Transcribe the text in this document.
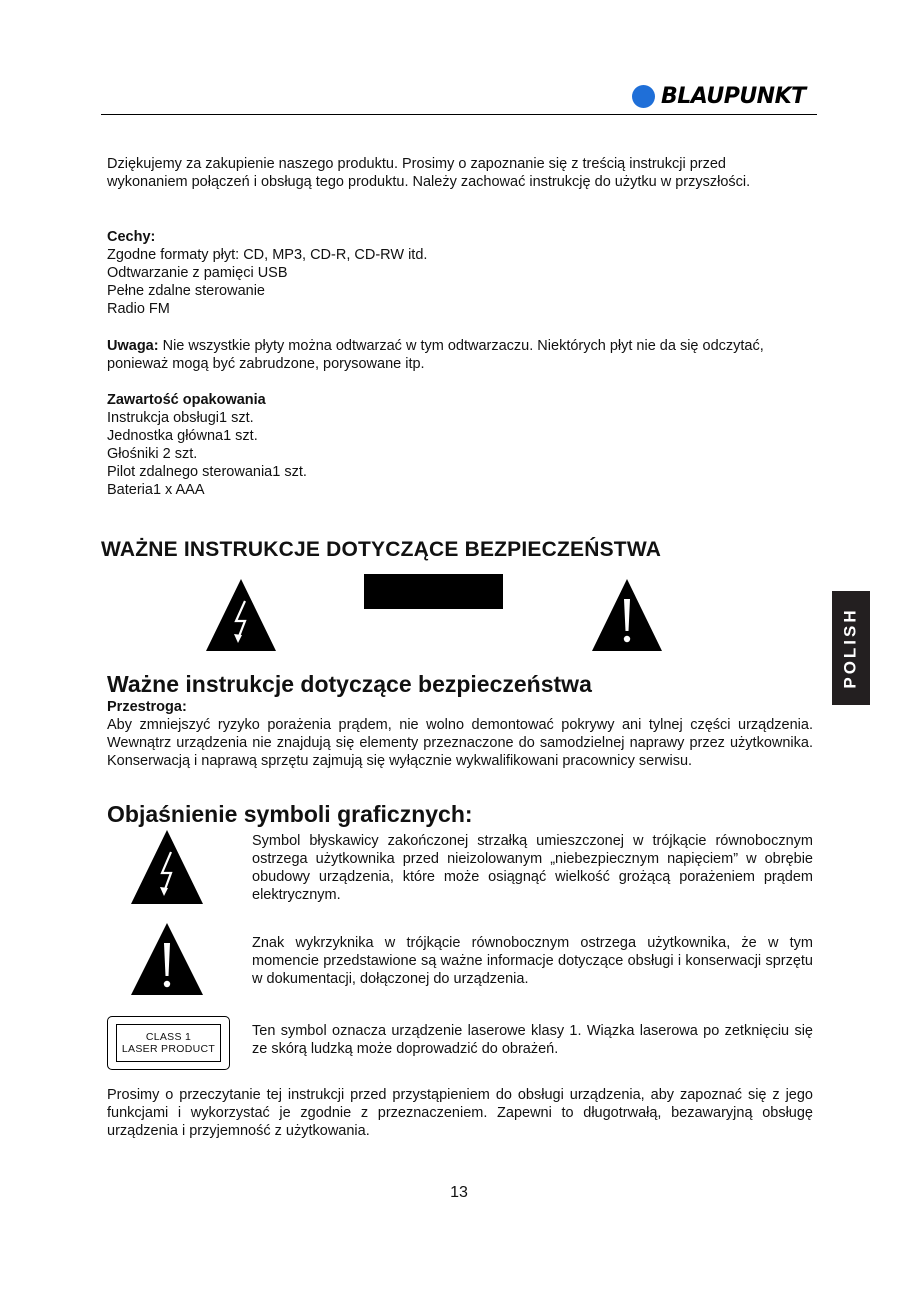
BLAUPUNKT
Dziękujemy za zakupienie naszego produktu. Prosimy o zapoznanie się z treścią instrukcji przed wykonaniem połączeń i obsługą tego produktu. Należy zachować instrukcję do użytku w przyszłości.
Cechy:
Zgodne formaty płyt: CD, MP3, CD-R, CD-RW itd.
Odtwarzanie z pamięci USB
Pełne zdalne sterowanie
Radio FM
Uwaga: Nie wszystkie płyty można odtwarzać w tym odtwarzaczu. Niektórych płyt nie da się odczytać, ponieważ mogą być zabrudzone, porysowane itp.
Zawartość opakowania
Instrukcja obsługi1 szt.
Jednostka główna1 szt.
Głośniki 2 szt.
Pilot zdalnego sterowania1 szt.
Bateria1 x AAA
POLISH
WAŻNE INSTRUKCJE DOTYCZĄCE BEZPIECZEŃSTWA
Ważne instrukcje dotyczące bezpieczeństwa
Przestroga:
Aby zmniejszyć ryzyko porażenia prądem, nie wolno demontować pokrywy ani tylnej części urządzenia. Wewnątrz urządzenia nie znajdują się elementy przeznaczone do samodzielnej naprawy przez użytkownika. Konserwacją i naprawą sprzętu zajmują się wyłącznie wykwalifikowani pracownicy serwisu.
Objaśnienie symboli graficznych:
Symbol błyskawicy zakończonej strzałką umieszczonej w trójkącie równobocznym ostrzega użytkownika przed nieizolowanym „niebezpiecznym napięciem” w obrębie obudowy urządzenia, które może osiągnąć wielkość grożącą porażeniem prądem elektrycznym.
Znak wykrzyknika w trójkącie równobocznym ostrzega użytkownika, że w tym momencie przedstawione są ważne informacje dotyczące obsługi i konserwacji sprzętu w dokumentacji, dołączonej do urządzenia.
CLASS 1
LASER PRODUCT
Ten symbol oznacza urządzenie laserowe klasy 1. Wiązka laserowa po zetknięciu się ze skórą ludzką może doprowadzić do obrażeń.
Prosimy o przeczytanie tej instrukcji przed przystąpieniem do obsługi urządzenia, aby zapoznać się z jego funkcjami i wykorzystać je zgodnie z przeznaczeniem. Zapewni to długotrwałą, bezawaryjną obsługę urządzenia i przyjemność z użytkowania.
13
